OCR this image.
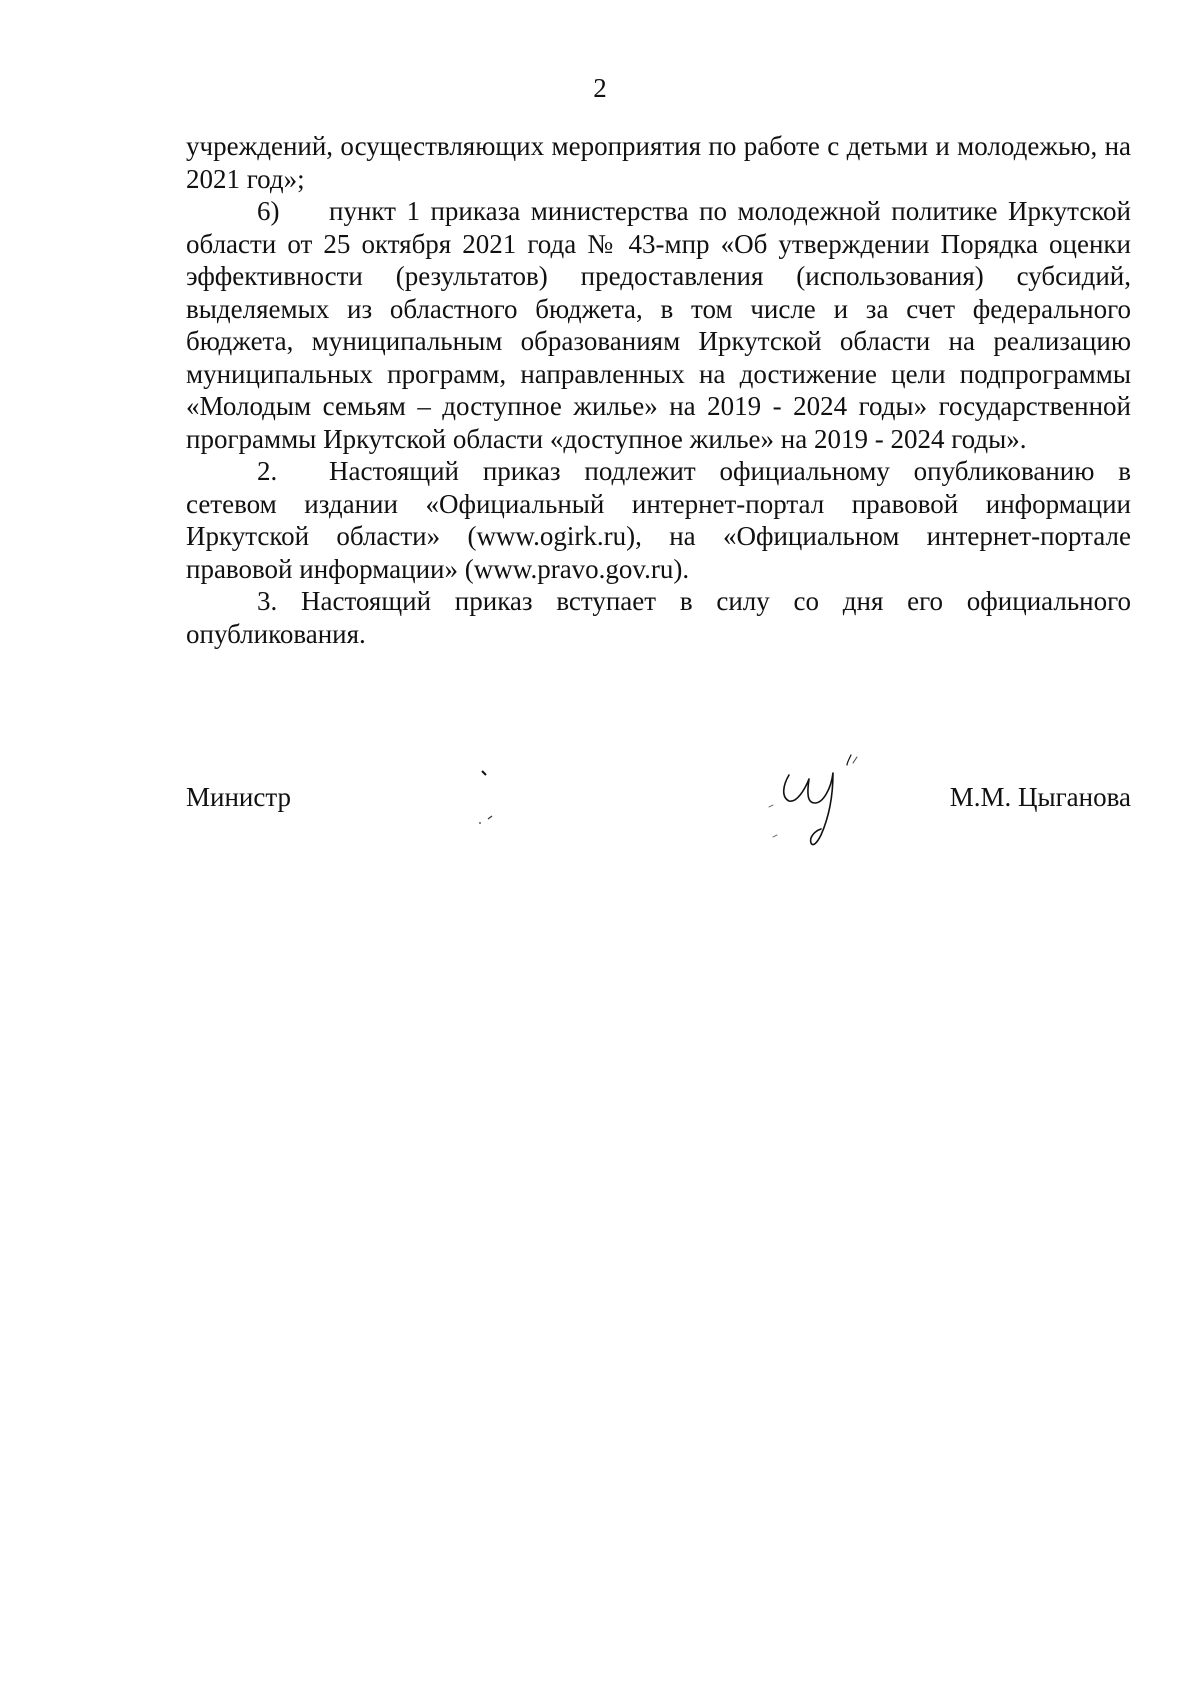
2

учреждений, осуществляющих мероприятия по работе с детьми и молодежью, на 2021 год»;

6) пункт 1 приказа министерства по молодежной политике Иркутской области от 25 октября 2021 года № 43-мпр «Об утверждении Порядка оценки эффективности (результатов) предоставления (использования) субсидий, выделяемых из областного бюджета, в том числе и за счет федерального бюджета, муниципальным образованиям Иркутской области на реализацию муниципальных программ, направленных на достижение цели подпрограммы «Молодым семьям – доступное жилье» на 2019 - 2024 годы» государственной программы Иркутской области «доступное жилье» на 2019 - 2024 годы».

2. Настоящий приказ подлежит официальному опубликованию в сетевом издании «Официальный интернет-портал правовой информации Иркутской области» (www.ogirk.ru), на «Официальном интернет-портале правовой информации» (www.pravo.gov.ru).

3. Настоящий приказ вступает в силу со дня его официального опубликования.

Министр	М.М. Цыганова
